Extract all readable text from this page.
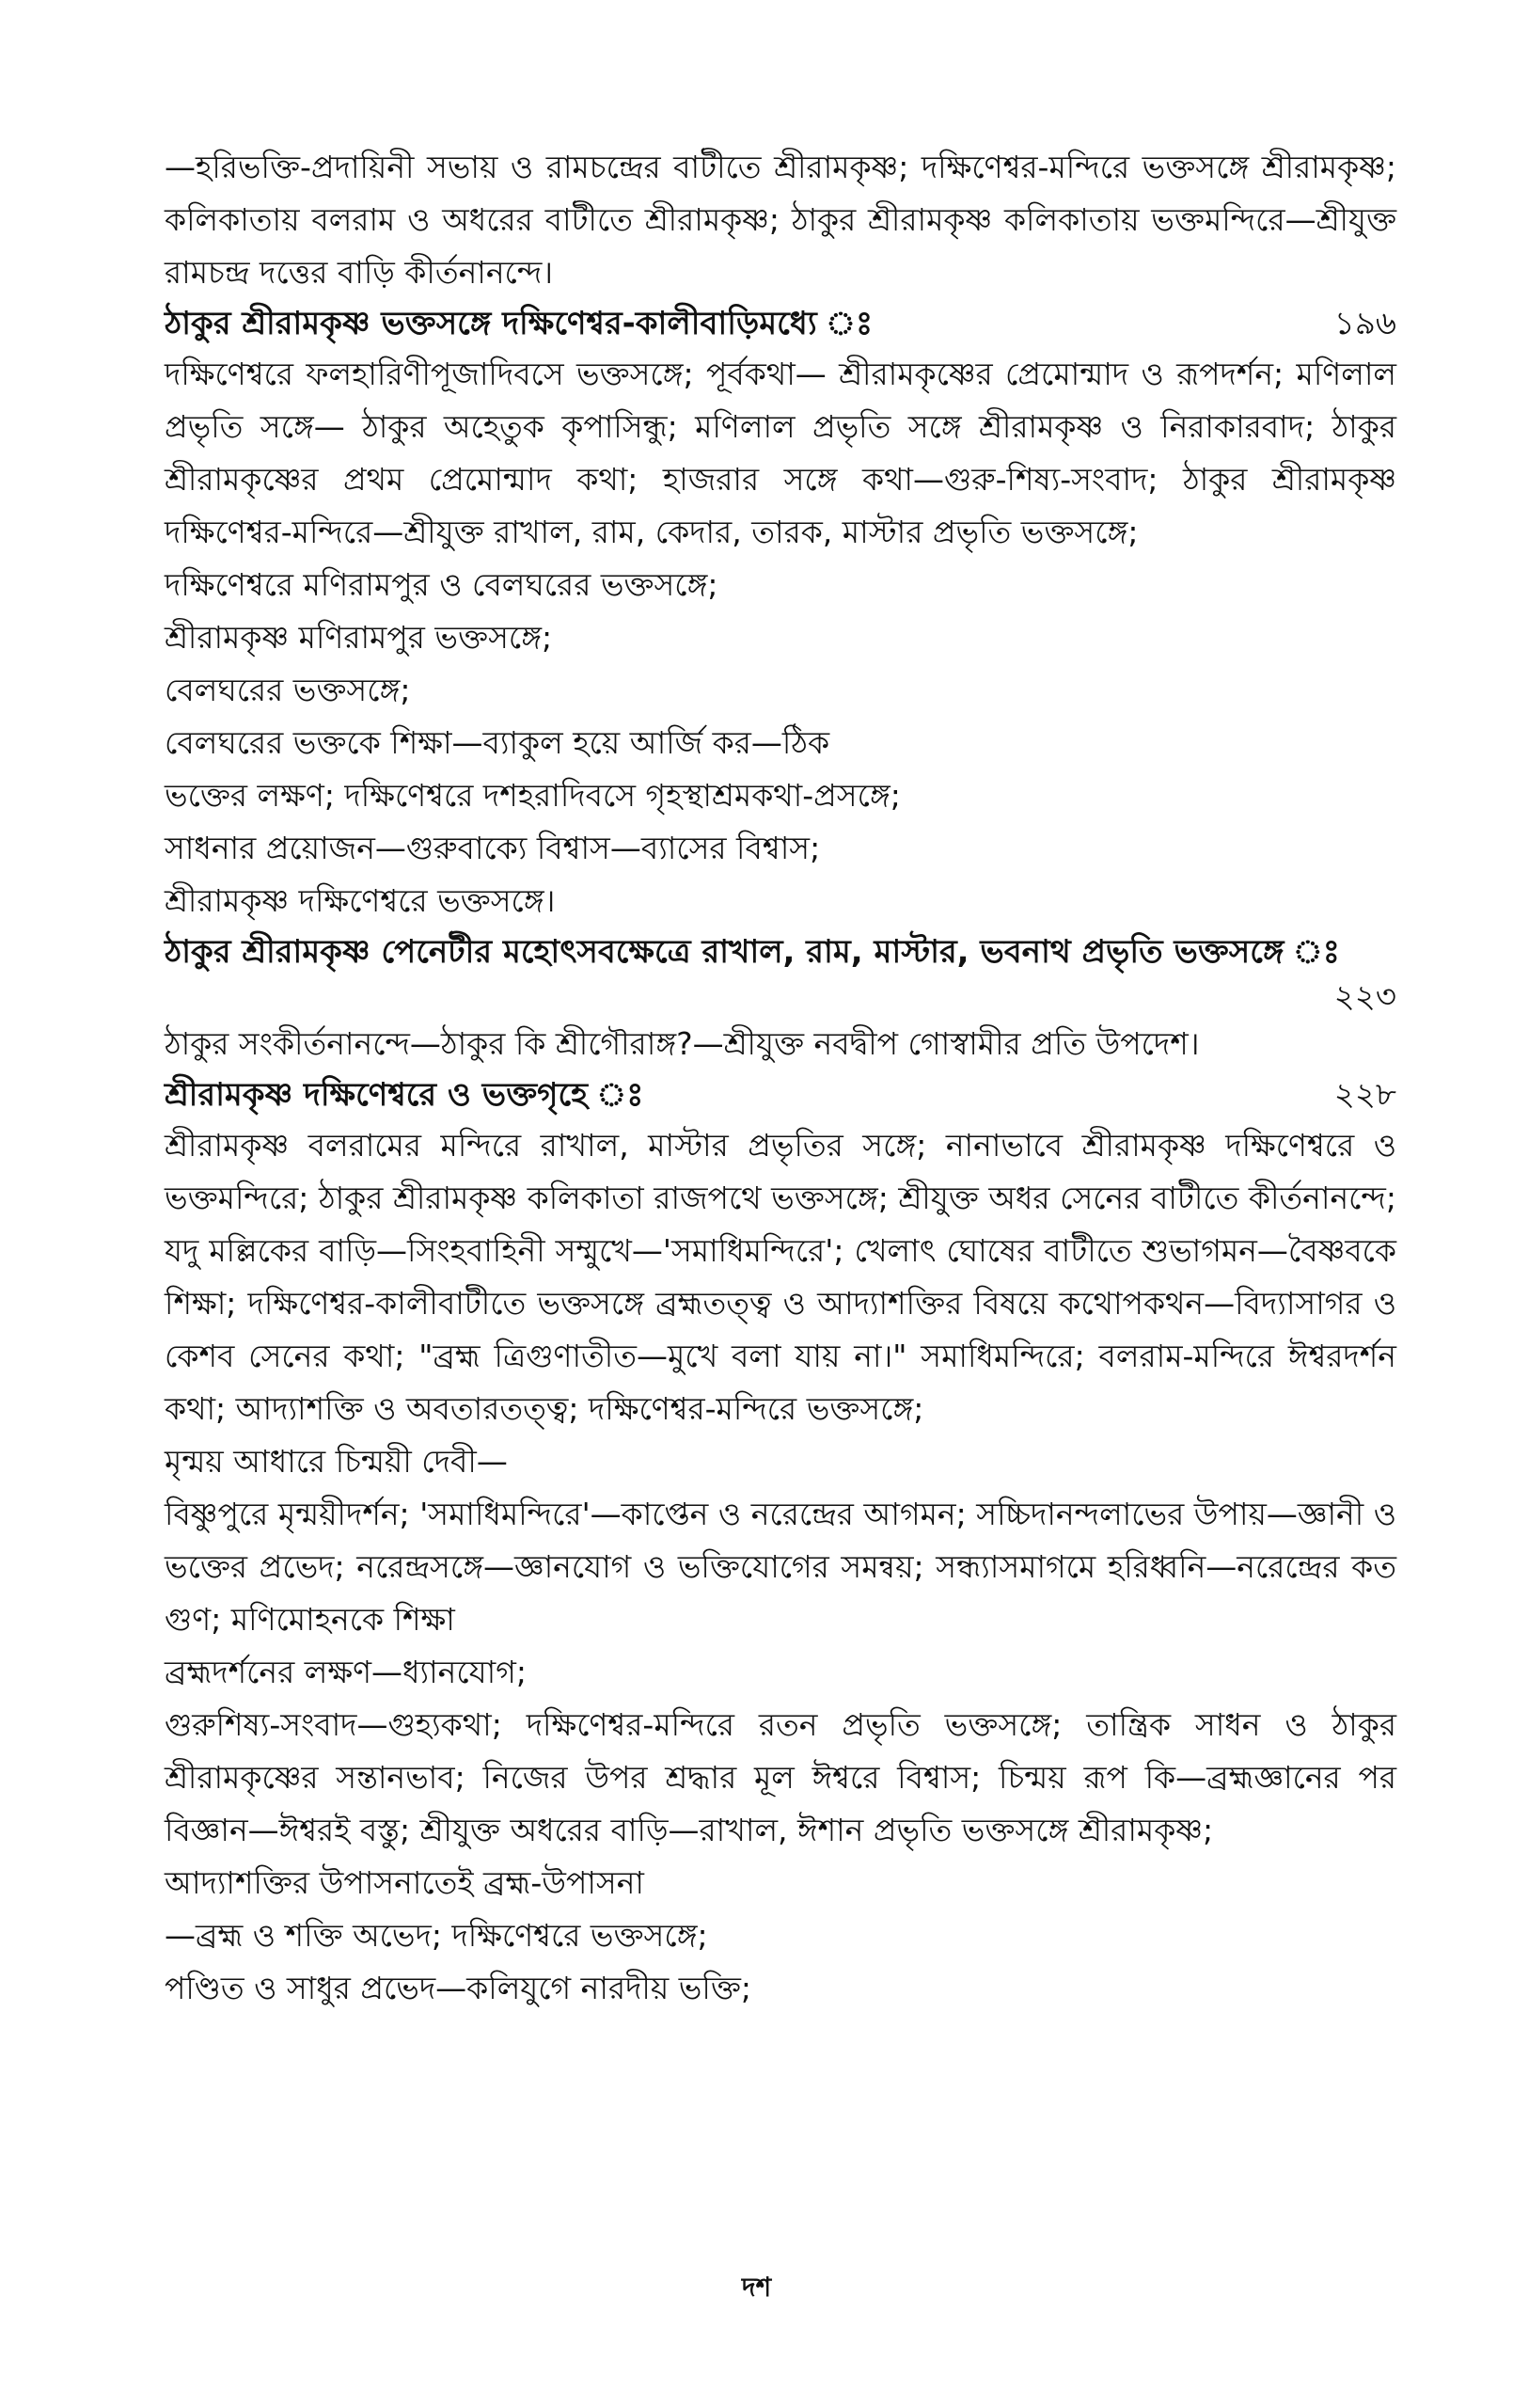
—হরিভক্তি-প্রদায়িনী সভায় ও রামচন্দ্রের বাটীতে শ্রীরামকৃষ্ণ; দক্ষিণেশ্বর-মন্দিরে ভক্তসঙ্গে শ্রীরামকৃষ্ণ; কলিকাতায় বলরাম ও অধরের বাটীতে শ্রীরামকৃষ্ণ; ঠাকুর শ্রীরামকৃষ্ণ কলিকাতায় ভক্তমন্দিরে—শ্রীযুক্ত রামচন্দ্র দত্তের বাড়ি কীর্তনানন্দে।

ঠাকুর শ্রীরামকৃষ্ণ ভক্তসঙ্গে দক্ষিণেশ্বর-কালীবাড়িমধ্যে ঃ	১৯৬

দক্ষিণেশ্বরে ফলহারিণীপূজাদিবসে ভক্তসঙ্গে; পূর্বকথা— শ্রীরামকৃষ্ণের প্রেমোন্মাদ ও রূপদর্শন; মণিলাল প্রভৃতি সঙ্গে— ঠাকুর অহেতুক কৃপাসিন্ধু; মণিলাল প্রভৃতি সঙ্গে শ্রীরামকৃষ্ণ ও নিরাকারবাদ; ঠাকুর শ্রীরামকৃষ্ণের প্রথম প্রেমোন্মাদ কথা; হাজরার সঙ্গে কথা—গুরু-শিষ্য-সংবাদ; ঠাকুর শ্রীরামকৃষ্ণ দক্ষিণেশ্বর-মন্দিরে—শ্রীযুক্ত রাখাল, রাম, কেদার, তারক, মাস্টার প্রভৃতি ভক্তসঙ্গে;

দক্ষিণেশ্বরে মণিরামপুর ও বেলঘরের ভক্তসঙ্গে;
শ্রীরামকৃষ্ণ মণিরামপুর ভক্তসঙ্গে;
বেলঘরের ভক্তসঙ্গে;
বেলঘরের ভক্তকে শিক্ষা—ব্যাকুল হয়ে আর্জি কর—ঠিক
ভক্তের লক্ষণ; দক্ষিণেশ্বরে দশহরাদিবসে গৃহস্থাশ্রমকথা-প্রসঙ্গে;
সাধনার প্রয়োজন—গুরুবাক্যে বিশ্বাস—ব্যাসের বিশ্বাস;
শ্রীরামকৃষ্ণ দক্ষিণেশ্বরে ভক্তসঙ্গে।
ঠাকুর শ্রীরামকৃষ্ণ পেনেটীর মহোৎসবক্ষেত্রে রাখাল, রাম, মাস্টার, ভবনাথ প্রভৃতি ভক্তসঙ্গে ঃ
২২৩

ঠাকুর সংকীর্তনানন্দে—ঠাকুর কি শ্রীগৌরাঙ্গ?—শ্রীযুক্ত নবদ্বীপ গোস্বামীর প্রতি উপদেশ।

শ্রীরামকৃষ্ণ দক্ষিণেশ্বরে ও ভক্তগৃহে ঃ	২২৮

শ্রীরামকৃষ্ণ বলরামের মন্দিরে রাখাল, মাস্টার প্রভৃতির সঙ্গে; নানাভাবে শ্রীরামকৃষ্ণ দক্ষিণেশ্বরে ও ভক্তমন্দিরে; ঠাকুর শ্রীরামকৃষ্ণ কলিকাতা রাজপথে ভক্তসঙ্গে; শ্রীযুক্ত অধর সেনের বাটীতে কীর্তনানন্দে; যদু মল্লিকের বাড়ি—সিংহবাহিনী সম্মুখে—'সমাধিমন্দিরে'; খেলাৎ ঘোষের বাটীতে শুভাগমন—বৈষ্ণবকে শিক্ষা; দক্ষিণেশ্বর-কালীবাটীতে ভক্তসঙ্গে ব্রহ্মতত্ত্ব ও আদ্যাশক্তির বিষয়ে কথোপকথন—বিদ্যাসাগর ও কেশব সেনের কথা; "ব্রহ্ম ত্রিগুণাতীত—মুখে বলা যায় না।" সমাধিমন্দিরে; বলরাম-মন্দিরে ঈশ্বরদর্শন কথা; আদ্যাশক্তি ও অবতারতত্ত্ব; দক্ষিণেশ্বর-মন্দিরে ভক্তসঙ্গে;

মৃন্ময় আধারে চিন্ময়ী দেবী—

বিষ্ণুপুরে মৃন্ময়ীদর্শন; 'সমাধিমন্দিরে'—কাপ্তেন ও নরেন্দ্রের আগমন; সচ্চিদানন্দলাভের উপায়—জ্ঞানী ও ভক্তের প্রভেদ; নরেন্দ্রসঙ্গে—জ্ঞানযোগ ও ভক্তিযোগের সমন্বয়; সন্ধ্যাসমাগমে হরিধ্বনি—নরেন্দ্রের কত গুণ; মণিমোহনকে শিক্ষা

ব্রহ্মদর্শনের লক্ষণ—ধ্যানযোগ;

গুরুশিষ্য-সংবাদ—গুহ্যকথা; দক্ষিণেশ্বর-মন্দিরে রতন প্রভৃতি ভক্তসঙ্গে; তান্ত্রিক সাধন ও ঠাকুর শ্রীরামকৃষ্ণের সন্তানভাব; নিজের উপর শ্রদ্ধার মূল ঈশ্বরে বিশ্বাস; চিন্ময় রূপ কি—ব্রহ্মজ্ঞানের পর বিজ্ঞান—ঈশ্বরই বস্তু; শ্রীযুক্ত অধরের বাড়ি—রাখাল, ঈশান প্রভৃতি ভক্তসঙ্গে শ্রীরামকৃষ্ণ;

আদ্যাশক্তির উপাসনাতেই ব্রহ্ম-উপাসনা
—ব্রহ্ম ও শক্তি অভেদ; দক্ষিণেশ্বরে ভক্তসঙ্গে;
পণ্ডিত ও সাধুর প্রভেদ—কলিযুগে নারদীয় ভক্তি;
দশ
